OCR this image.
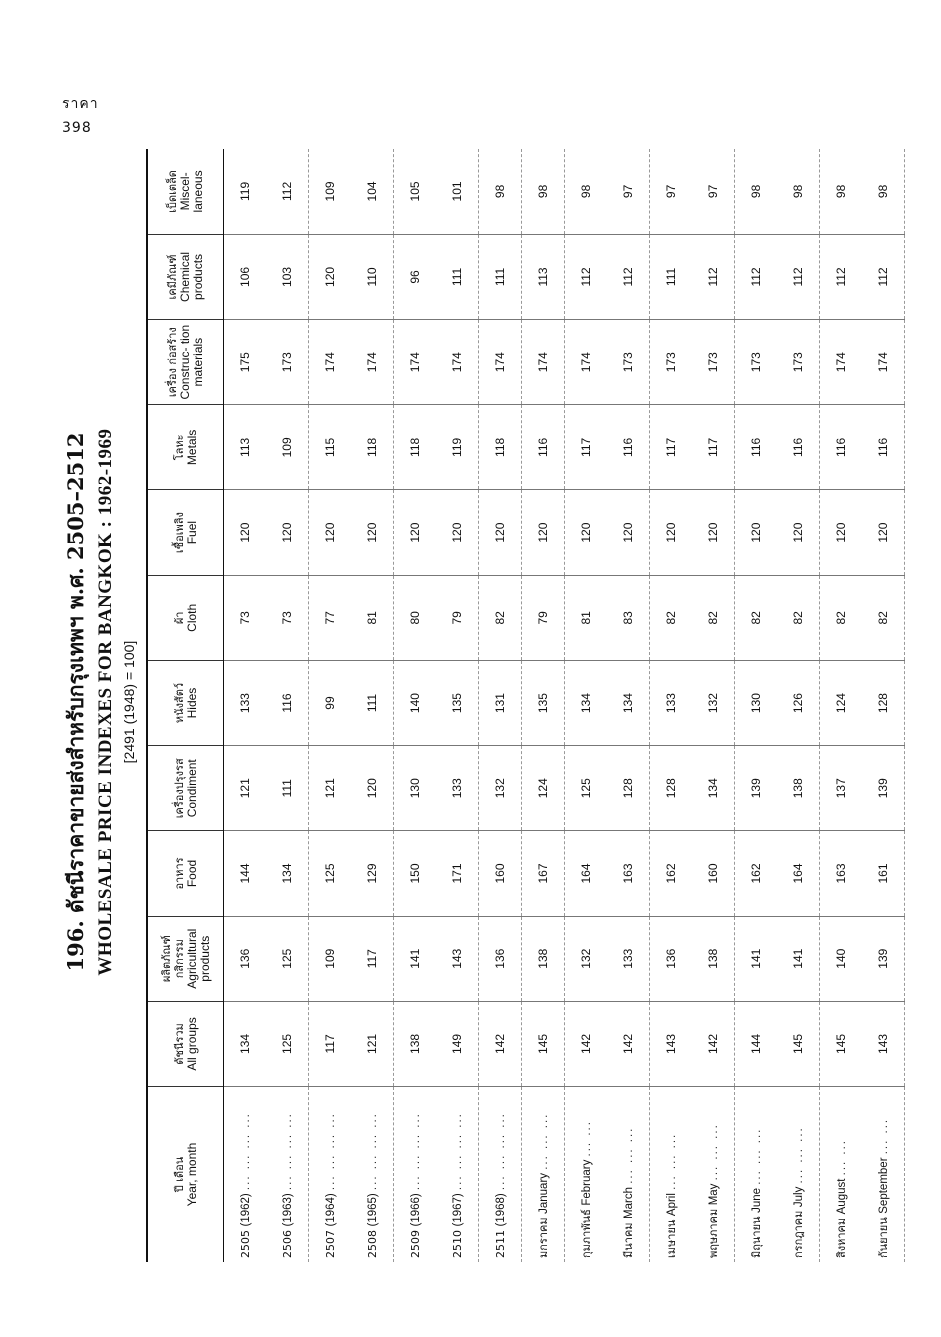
ราคา
398
196. ดัชนีราคาขายส่งสำหรับกรุงเทพฯ พ.ศ. 2505–2512 WHOLESALE PRICE INDEXES FOR BANGKOK : 1962-1969 [2491 (1948) = 100]
ปี เดือน Year, month	ดัชนีรวม All groups	ผลิตภัณฑ์ กสิกรรม Agricultural products	อาหาร Food	เครื่องปรุงรส Condiment	หนังสัตว์ Hides	ผ้า Cloth	เชื้อเพลิง Fuel	โลหะ Metals	เครื่อง ก่อสร้าง Construc- tion materials	เคมีภัณฑ์ Chemical products	เบ็ดเตล็ด Miscel- laneous

2505 (1962) ... ... ... ...	134	136	144	121	133	73	120	113	175	106	119
2506 (1963) ... ... ... ...	125	125	134	111	116	73	120	109	173	103	112
2507 (1964) ... ... ... ...	117	109	125	121	99	77	120	115	174	120	109
2508 (1965) ... ... ... ...	121	117	129	120	111	81	120	118	174	110	104
2509 (1966) ... ... ... ...	138	141	150	130	140	80	120	118	174	96	105
2510 (1967) ... ... ... ...	149	143	171	133	135	79	120	119	174	111	101
2511 (1968) ... ... ... ...	142	136	160	132	131	82	120	118	174	111	98
มกราคม January ... ... ...	145	138	167	124	135	79	120	116	174	113	98
กุมภาพันธ์ February ... ...	142	132	164	125	134	81	120	117	174	112	98
มีนาคม March ... ... ...	142	133	163	128	134	83	120	116	173	112	97
เมษายน April ... ... ...	143	136	162	128	133	82	120	117	173	111	97
พฤษภาคม May ... ... ...	142	138	160	134	132	82	120	117	173	112	97
มิถุนายน June ... ... ...	144	141	162	139	130	82	120	116	173	112	98
กรกฎาคม July ... ... ...	145	141	164	138	126	82	120	116	173	112	98
สิงหาคม August ... ...	145	140	163	137	124	82	120	116	174	112	98
กันยายน September ... ...	143	139	161	139	128	82	120	116	174	112	98
